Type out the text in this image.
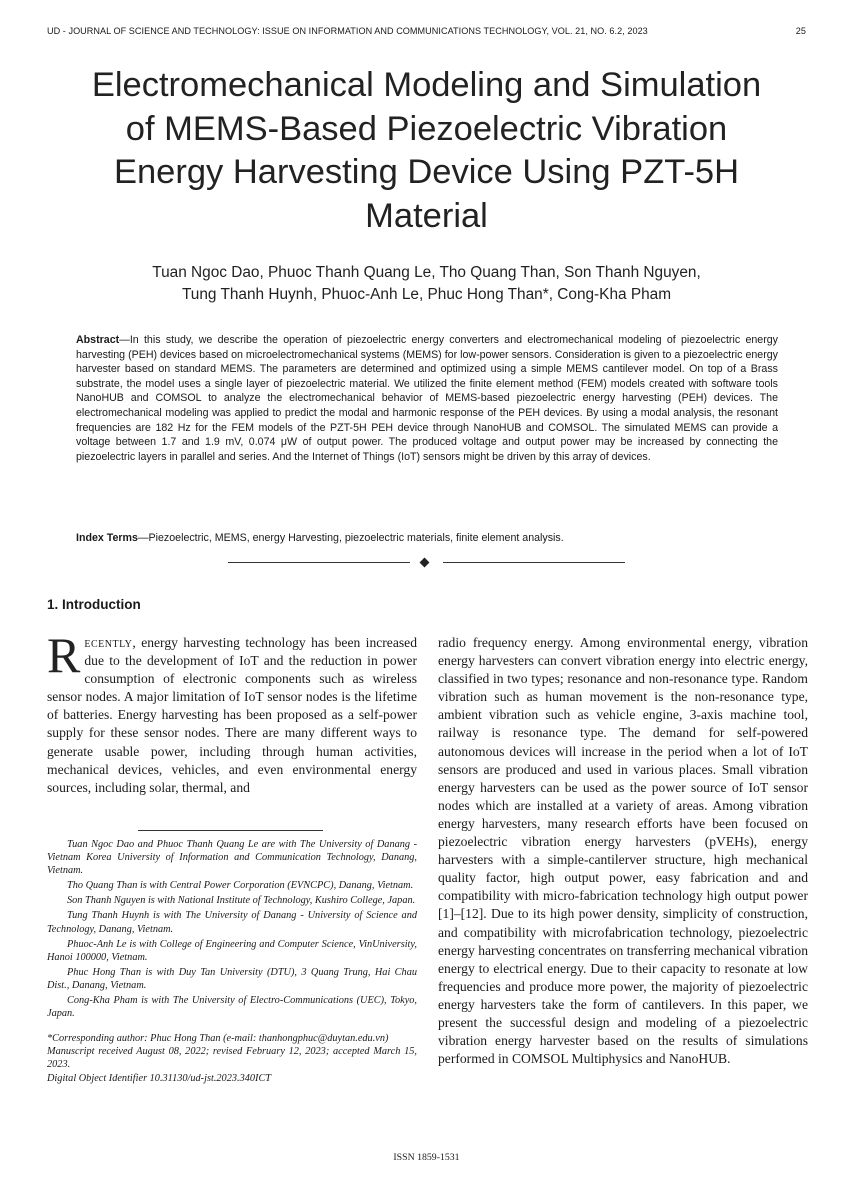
UD - JOURNAL OF SCIENCE AND TECHNOLOGY: ISSUE ON INFORMATION AND COMMUNICATIONS TECHNOLOGY, VOL. 21, NO. 6.2, 2023	25
Electromechanical Modeling and Simulation
of MEMS-Based Piezoelectric Vibration
Energy Harvesting Device Using PZT-5H
Material
Tuan Ngoc Dao, Phuoc Thanh Quang Le, Tho Quang Than, Son Thanh Nguyen,
Tung Thanh Huynh, Phuoc-Anh Le, Phuc Hong Than*, Cong-Kha Pham
Abstract—In this study, we describe the operation of piezoelectric energy converters and electromechanical modeling of piezoelectric energy harvesting (PEH) devices based on microelectromechanical systems (MEMS) for low-power sensors. Consideration is given to a piezoelectric energy harvester based on standard MEMS. The parameters are determined and optimized using a simple MEMS cantilever model. On top of a Brass substrate, the model uses a single layer of piezoelectric material. We utilized the finite element method (FEM) models created with software tools NanoHUB and COMSOL to analyze the electromechanical behavior of MEMS-based piezoelectric energy harvesting (PEH) devices. The electromechanical modeling was applied to predict the modal and harmonic response of the PEH devices. By using a modal analysis, the resonant frequencies are 182 Hz for the FEM models of the PZT-5H PEH device through NanoHUB and COMSOL. The simulated MEMS can provide a voltage between 1.7 and 1.9 mV, 0.074 μW of output power. The produced voltage and output power may be increased by connecting the piezoelectric layers in parallel and series. And the Internet of Things (IoT) sensors might be driven by this array of devices.
Index Terms—Piezoelectric, MEMS, energy Harvesting, piezoelectric materials, finite element analysis.
1. Introduction
Recently, energy harvesting technology has been increased due to the development of IoT and the reduction in power consumption of electronic components such as wireless sensor nodes. A major limitation of IoT sensor nodes is the lifetime of batteries. Energy harvesting has been proposed as a self-power supply for these sensor nodes. There are many different ways to generate usable power, including through human activities, mechanical devices, vehicles, and even environmental energy sources, including solar, thermal, and
radio frequency energy. Among environmental energy, vibration energy harvesters can convert vibration energy into electric energy, classified in two types; resonance and non-resonance type. Random vibration such as human movement is the non-resonance type, ambient vibration such as vehicle engine, 3-axis machine tool, railway is resonance type. The demand for self-powered autonomous devices will increase in the period when a lot of IoT sensors are produced and used in various places. Small vibration energy harvesters can be used as the power source of IoT sensor nodes which are installed at a variety of areas. Among vibration energy harvesters, many research efforts have been focused on piezoelectric vibration energy harvesters (pVEHs), energy harvesters with a simple-cantilerver structure, high mechanical quality factor, high output power, easy fabrication and and compatibility with micro-fabrication technology high output power [1]–[12]. Due to its high power density, simplicity of construction, and compatibility with microfabrication technology, piezoelectric energy harvesting concentrates on transferring mechanical vibration energy to electrical energy. Due to their capacity to resonate at low frequencies and produce more power, the majority of piezoelectric energy harvesters take the form of cantilevers. In this paper, we present the successful design and modeling of a piezoelectric vibration energy harvester based on the results of simulations performed in COMSOL Multiphysics and NanoHUB.

Tuan Ngoc Dao and Phuoc Thanh Quang Le are with The University of Danang - Vietnam Korea University of Information and Communication Technology, Danang, Vietnam.

Tho Quang Than is with Central Power Corporation (EVNCPC), Danang, Vietnam.

Son Thanh Nguyen is with National Institute of Technology, Kushiro College, Japan.

Tung Thanh Huynh is with The University of Danang - University of Science and Technology, Danang, Vietnam.

Phuoc-Anh Le is with College of Engineering and Computer Science, VinUniversity, Hanoi 100000, Vietnam.

Phuc Hong Than is with Duy Tan University (DTU), 3 Quang Trung, Hai Chau Dist., Danang, Vietnam.

Cong-Kha Pham is with The University of Electro-Communications (UEC), Tokyo, Japan.

*Corresponding author: Phuc Hong Than (e-mail: thanhongphuc@duytan.edu.vn)

Manuscript received August 08, 2022; revised February 12, 2023; accepted March 15, 2023.

Digital Object Identifier 10.31130/ud-jst.2023.340ICT

ISSN 1859-1531
